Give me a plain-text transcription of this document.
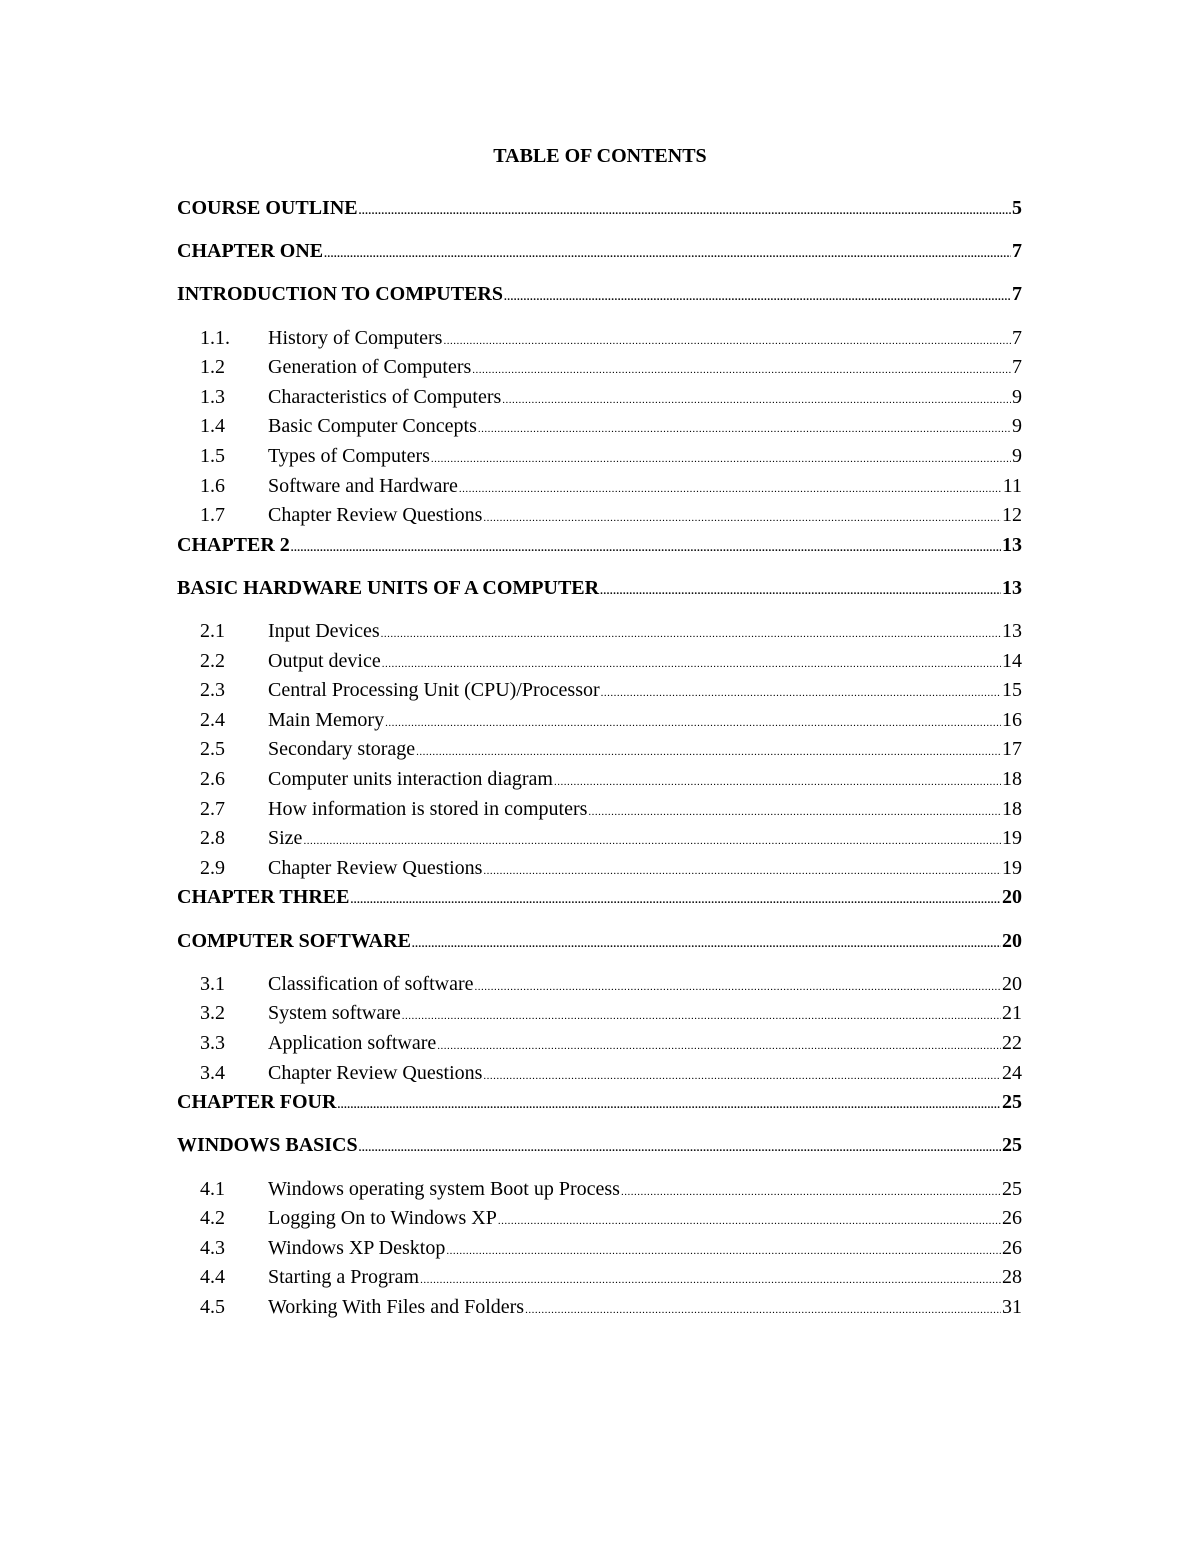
TABLE OF CONTENTS
COURSE OUTLINE .....	5
CHAPTER ONE .....	7
INTRODUCTION TO COMPUTERS .....	7
1.1.	History of Computers .....	7
1.2	Generation of Computers .....	7
1.3	Characteristics of Computers .....	9
1.4	Basic Computer Concepts .....	9
1.5	Types of Computers .....	9
1.6	Software and Hardware .....	11
1.7	Chapter Review Questions .....	12
CHAPTER 2 .....	13
BASIC HARDWARE UNITS OF A COMPUTER .....	13
2.1	Input Devices .....	13
2.2	Output device .....	14
2.3	Central Processing Unit (CPU)/Processor .....	15
2.4	Main Memory .....	16
2.5	Secondary storage .....	17
2.6	Computer units interaction diagram .....	18
2.7	How information is stored in computers .....	18
2.8	Size .....	19
2.9	Chapter Review Questions .....	19
CHAPTER THREE .....	20
COMPUTER SOFTWARE .....	20
3.1	Classification of software .....	20
3.2	System software .....	21
3.3	Application software .....	22
3.4	Chapter Review Questions .....	24
CHAPTER FOUR .....	25
WINDOWS BASICS .....	25
4.1	Windows operating system Boot up Process .....	25
4.2	Logging On to Windows XP .....	26
4.3	Windows XP Desktop .....	26
4.4	Starting a Program .....	28
4.5	Working With Files and Folders .....	31
